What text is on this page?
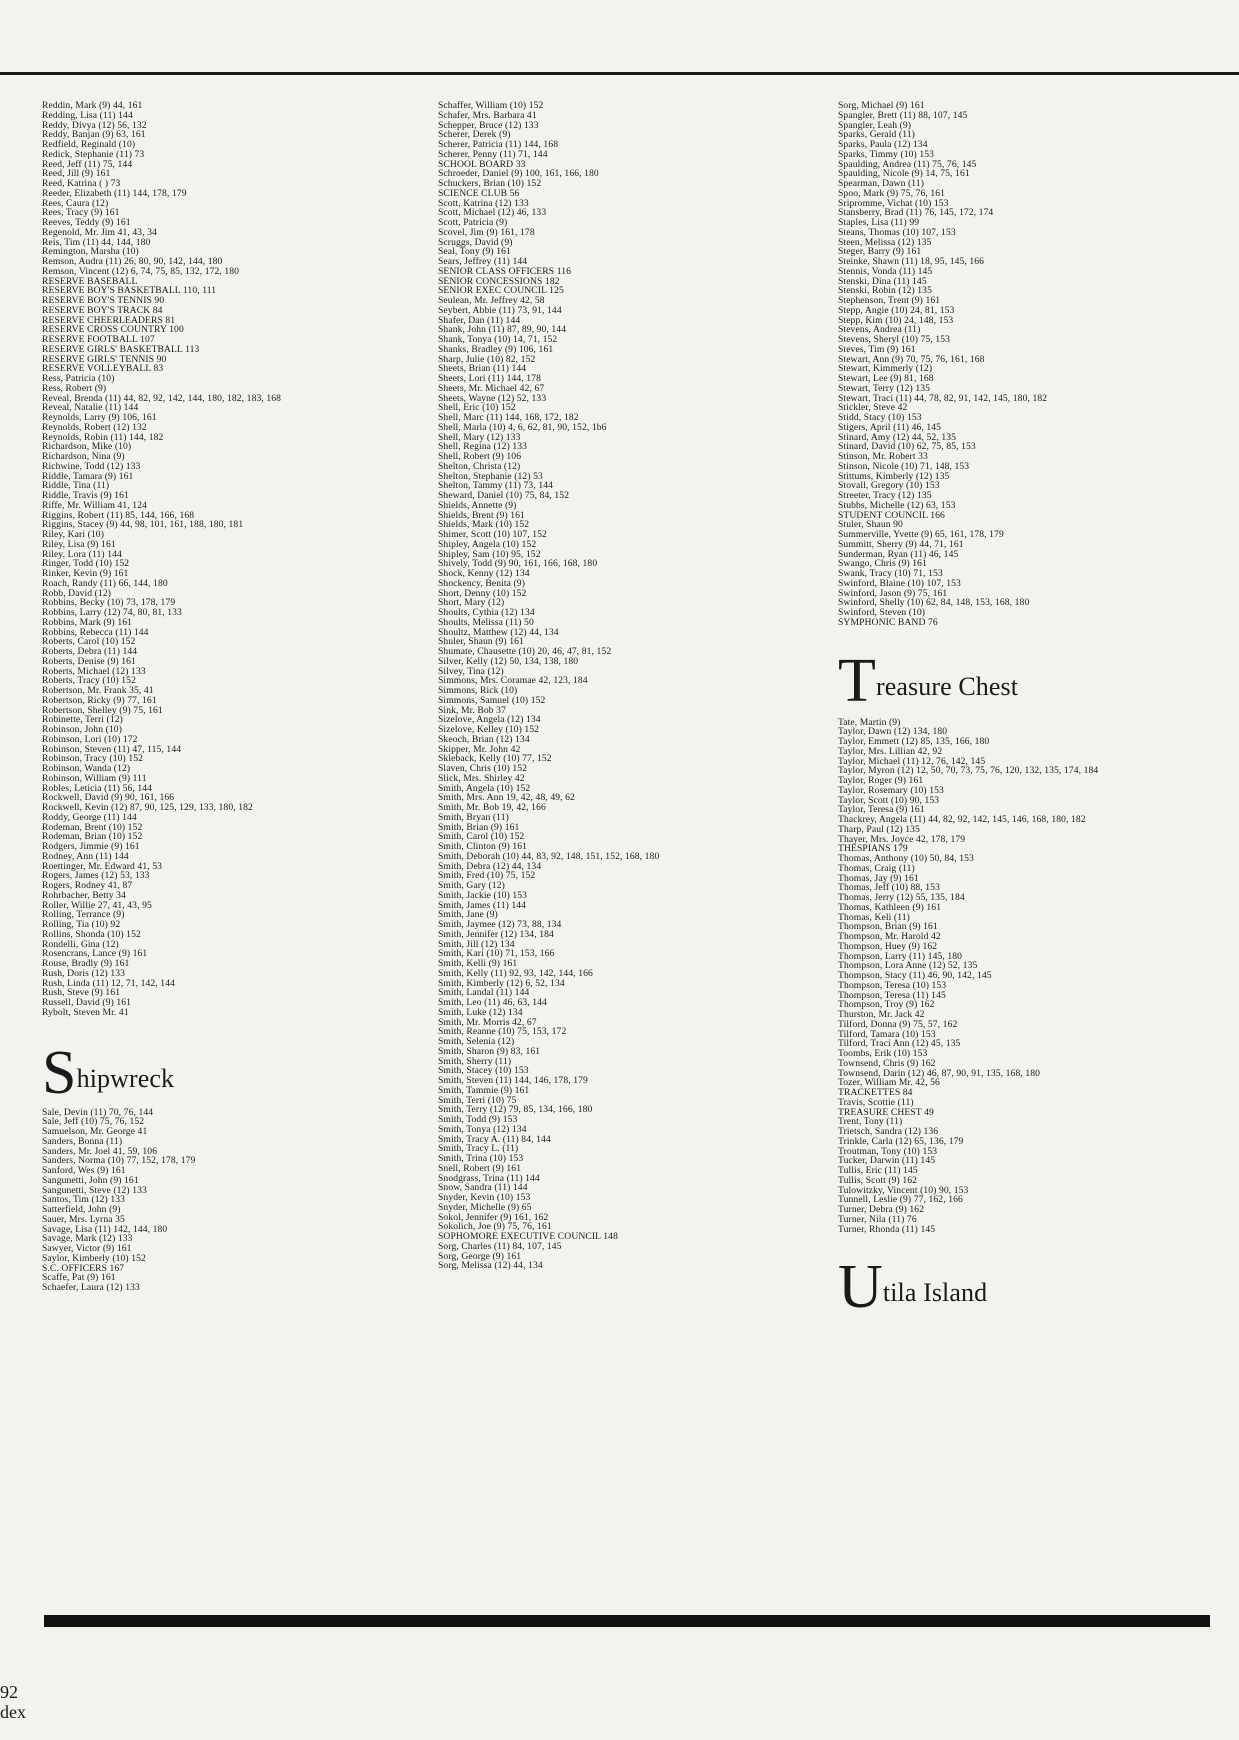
Reddin, Mark (9) 44, 161
Redding, Lisa (11) 144
Reddy, Divya (12) 56, 132
Reddy, Banjan (9) 63, 161
Redfield, Reginald (10)
Redick, Stephanie (11) 73
Reed, Jeff (11) 75, 144
Reed, Jill (9) 161
Reed, Katrina ( ) 73
Reeder, Elizabeth (11) 144, 178, 179
Rees, Caura (12)
Rees, Tracy (9) 161
Reeves, Teddy (9) 161
Regenold, Mr. Jim 41, 43, 34
Reis, Tim (11) 44, 144, 180
Remington, Marsha (10)
Remson, Audra (11) 26, 80, 90, 142, 144, 180
Remson, Vincent (12) 6, 74, 75, 85, 132, 172, 180
RESERVE BASEBALL
RESERVE BOY'S BASKETBALL 110, 111
RESERVE BOY'S TENNIS 90
RESERVE BOY'S TRACK 84
RESERVE CHEERLEADERS 81
RESERVE CROSS COUNTRY 100
RESERVE FOOTBALL 107
RESERVE GIRLS' BASKETBALL 113
RESERVE GIRLS' TENNIS 90
RESERVE VOLLEYBALL 83
Ress, Patricia (10)
Ress, Robert (9)
Reveal, Brenda (11) 44, 82, 92, 142, 144, 180, 182, 183, 168
Reveal, Natalie (11) 144
Reynolds, Larry (9) 106, 161
Reynolds, Robert (12) 132
Reynolds, Robin (11) 144, 182
Richardson, Mike (10)
Richardson, Nina (9)
Richwine, Todd (12) 133
Riddle, Tamara (9) 161
Riddle, Tina (11)
Riddle, Travis (9) 161
Riffe, Mr. William 41, 124
Riggins, Robert (11) 85, 144, 166, 168
Riggins, Stacey (9) 44, 98, 101, 161, 188, 180, 181
Riley, Kari (10)
Riley, Lisa (9) 161
Riley, Lora (11) 144
Ringer, Todd (10) 152
Rinker, Kevin (9) 161
Roach, Randy (11) 66, 144, 180
Robb, David (12)
Robbins, Becky (10) 73, 178, 179
Robbins, Larry (12) 74, 80, 81, 133
Robbins, Mark (9) 161
Robbins, Rebecca (11) 144
Roberts, Carol (10) 152
Roberts, Debra (11) 144
Roberts, Denise (9) 161
Roberts, Michael (12) 133
Roberts, Tracy (10) 152
Robertson, Mr. Frank 35, 41
Robertson, Ricky (9) 77, 161
Robertson, Shelley (9) 75, 161
Robinette, Terri (12)
Robinson, John (10)
Robinson, Lori (10) 172
Robinson, Steven (11) 47, 115, 144
Robinson, Tracy (10) 152
Robinson, Wanda (12)
Robinson, William (9) 111
Robles, Leticia (11) 56, 144
Rockwell, David (9) 90, 161, 166
Rockwell, Kevin (12) 87, 90, 125, 129, 133, 180, 182
Roddy, George (11) 144
Rodeman, Brent (10) 152
Rodeman, Brian (10) 152
Rodgers, Jimmie (9) 161
Rodney, Ann (11) 144
Roettinger, Mr. Edward 41, 53
Rogers, James (12) 53, 133
Rogers, Rodney 41, 87
Rohrbacher, Betty 34
Roller, Willie 27, 41, 43, 95
Rolling, Terrance (9)
Rolling, Tia (10) 92
Rollins, Shonda (10) 152
Rondelli, Gina (12)
Rosencrans, Lance (9) 161
Rouse, Bradly (9) 161
Rush, Doris (12) 133
Rush, Linda (11) 12, 71, 142, 144
Rush, Steve (9) 161
Russell, David (9) 161
Rybolt, Steven Mr. 41
Shipwreck
Sale, Devin (11) 70, 76, 144
Sale, Jeff (10) 75, 76, 152
Samuelson, Mr. George 41
Sanders, Bonna (11)
Sanders, Mr. Joel 41, 59, 106
Sanders, Norma (10) 77, 152, 178, 179
Sanford, Wes (9) 161
Sangunetti, John (9) 161
Sangunetti, Steve (12) 133
Santos, Tim (12) 133
Satterfield, John (9)
Sauer, Mrs. Lyrna 35
Savage, Lisa (11) 142, 144, 180
Savage, Mark (12) 133
Sawyer, Victor (9) 161
Saylor, Kimberly (10) 152
S.C. OFFICERS 167
Scaffe, Pat (9) 161
Schaefer, Laura (12) 133
Schaffer, William (10) 152
Schafer, Mrs. Barbara 41
Schepper, Bruce (12) 133
Scherer, Derek (9)
Scherer, Patricia (11) 144, 168
Scherer, Penny (11) 71, 144
SCHOOL BOARD 33
Schroeder, Daniel (9) 100, 161, 166, 180
Schuckers, Brian (10) 152
SCIENCE CLUB 56
Scott, Katrina (12) 133
Scott, Michael (12) 46, 133
Scott, Patricia (9)
Scovel, Jim (9) 161, 178
Scruggs, David (9)
Seal, Tony (9) 161
Sears, Jeffrey (11) 144
SENIOR CLASS OFFICERS 116
SENIOR CONCESSIONS 182
SENIOR EXEC COUNCIL 125
Seulean, Mr. Jeffrey 42, 58
Seybert, Abbie (11) 73, 91, 144
Shafer, Dan (11) 144
Shank, John (11) 87, 89, 90, 144
Shank, Tonya (10) 14, 71, 152
Shanks, Bradley (9) 106, 161
Sharp, Julie (10) 82, 152
Sheets, Brian (11) 144
Sheets, Lori (11) 144, 178
Sheets, Mr. Michael 42, 67
Sheets, Wayne (12) 52, 133
Shell, Eric (10) 152
Shell, Marc (11) 144, 168, 172, 182
Shell, Marla (10) 4, 6, 62, 81, 90, 152, 1b6
Shell, Mary (12) 133
Shell, Regina (12) 133
Shell, Robert (9) 106
Shelton, Christa (12)
Shelton, Stephanie (12) 53
Shelton, Tammy (11) 73, 144
Sheward, Daniel (10) 75, 84, 152
Shields, Annette (9)
Shields, Brent (9) 161
Shields, Mark (10) 152
Shimer, Scott (10) 107, 152
Shipley, Angela (10) 152
Shipley, Sam (10) 95, 152
Shively, Todd (9) 90, 161, 166, 168, 180
Shock, Kenny (12) 134
Shockency, Benita (9)
Short, Denny (10) 152
Short, Mary (12)
Shoults, Cythia (12) 134
Shoults, Melissa (11) 50
Shoultz, Matthew (12) 44, 134
Shuler, Shaun (9) 161
Shumate, Chausette (10) 20, 46, 47, 81, 152
Silver, Kelly (12) 50, 134, 138, 180
Silvey, Tina (12)
Simmons, Mrs. Coramae 42, 123, 184
Simmons, Rick (10)
Simmons, Samuel (10) 152
Sink, Mr. Bob 37
Sizelove, Angela (12) 134
Sizelove, Kelley (10) 152
Skeoch, Brian (12) 134
Skipper, Mr. John 42
Skleback, Kelly (10) 77, 152
Slaven, Chris (10) 152
Slick, Mrs. Shirley 42
Smith, Angela (10) 152
Smith, Mrs. Ann 19, 42, 48, 49, 62
Smith, Mr. Bob 19, 42, 166
Smith, Bryan (11)
Smith, Brian (9) 161
Smith, Carol (10) 152
Smith, Clinton (9) 161
Smith, Deborah (10) 44, 83, 92, 148, 151, 152, 168, 180
Smith, Debra (12) 44, 134
Smith, Fred (10) 75, 152
Smith, Gary (12)
Smith, Jackie (10) 153
Smith, James (11) 144
Smith, Jane (9)
Smith, Jaymee (12) 73, 88, 134
Smith, Jennifer (12) 134, 184
Smith, Jill (12) 134
Smith, Kari (10) 71, 153, 166
Smith, Kelli (9) 161
Smith, Kelly (11) 92, 93, 142, 144, 166
Smith, Kimberly (12) 6, 52, 134
Smith, Landal (11) 144
Smith, Leo (11) 46, 63, 144
Smith, Luke (12) 134
Smith, Mr. Morris 42, 67
Smith, Reanne (10) 75, 153, 172
Smith, Selenia (12)
Smith, Sharon (9) 83, 161
Smith, Sherry (11)
Smith, Stacey (10) 153
Smith, Steven (11) 144, 146, 178, 179
Smith, Tammie (9) 161
Smith, Terri (10) 75
Smith, Terry (12) 79, 85, 134, 166, 180
Smith, Todd (9) 153
Smith, Tonya (12) 134
Smith, Tracy A. (11) 84, 144
Smith, Tracy L. (11)
Smith, Trina (10) 153
Snell, Robert (9) 161
Snodgrass, Trina (11) 144
Snow, Sandra (11) 144
Snyder, Kevin (10) 153
Snyder, Michelle (9) 65
Sokol, Jennifer (9) 161, 162
Sokolich, Joe (9) 75, 76, 161
SOPHOMORE EXECUTIVE COUNCIL 148
Sorg, Charles (11) 84, 107, 145
Sorg, George (9) 161
Sorg, Melissa (12) 44, 134
Sorg, Michael (9) 161
Spangler, Brett (11) 88, 107, 145
Spangler, Leah (9)
Sparks, Gerald (11)
Sparks, Paula (12) 134
Sparks, Timmy (10) 153
Spaulding, Andrea (11) 75, 76, 145
Spaulding, Nicole (9) 14, 75, 161
Spearman, Dawn (11)
Spoo, Mark (9) 75, 76, 161
Sripromme, Vichat (10) 153
Stansberry, Brad (11) 76, 145, 172, 174
Staples, Lisa (11) 99
Steans, Thomas (10) 107, 153
Steen, Melissa (12) 135
Steger, Barry (9) 161
Steinke, Shawn (11) 18, 95, 145, 166
Stennis, Vonda (11) 145
Stenski, Dina (11) 145
Stenski, Robin (12) 135
Stephenson, Trent (9) 161
Stepp, Angie (10) 24, 81, 153
Stepp, Kim (10) 24, 148, 153
Stevens, Andrea (11)
Stevens, Sheryl (10) 75, 153
Steves, Tim (9) 161
Stewart, Ann (9) 70, 75, 76, 161, 168
Stewart, Kimmerly (12)
Stewart, Lee (9) 81, 168
Stewart, Terry (12) 135
Stewart, Traci (11) 44, 78, 82, 91, 142, 145, 180, 182
Stickler, Steve 42
Stidd, Stacy (10) 153
Stigers, April (11) 46, 145
Stinard, Amy (12) 44, 52, 135
Stinard, David (10) 62, 75, 85, 153
Stinson, Mr. Robert 33
Stinson, Nicole (10) 71, 148, 153
Stittums, Kimberly (12) 135
Stovall, Gregory (10) 153
Streeter, Tracy (12) 135
Stubbs, Michelle (12) 63, 153
STUDENT COUNCIL 166
Stuler, Shaun 90
Summerville, Yvette (9) 65, 161, 178, 179
Summitt, Sherry (9) 44, 71, 161
Sunderman, Ryan (11) 46, 145
Swango, Chris (9) 161
Swank, Tracy (10) 71, 153
Swinford, Blaine (10) 107, 153
Swinford, Jason (9) 75, 161
Swinford, Shelly (10) 62, 84, 148, 153, 168, 180
Swinford, Steven (10)
SYMPHONIC BAND 76
Treasure Chest
Tate, Martin (9)
Taylor, Dawn (12) 134, 180
Taylor, Emmett (12) 85, 135, 166, 180
Taylor, Mrs. Lillian 42, 92
Taylor, Michael (11) 12, 76, 142, 145
Taylor, Myron (12) 12, 50, 70, 73, 75, 76, 120, 132, 135, 174, 184
Taylor, Roger (9) 161
Taylor, Rosemary (10) 153
Taylor, Scott (10) 90, 153
Taylor, Teresa (9) 161
Thackrey, Angela (11) 44, 82, 92, 142, 145, 146, 168, 180, 182
Tharp, Paul (12) 135
Thayer, Mrs. Joyce 42, 178, 179
THESPIANS 179
Thomas, Anthony (10) 50, 84, 153
Thomas, Craig (11)
Thomas, Jay (9) 161
Thomas, Jeff (10) 88, 153
Thomas, Jerry (12) 55, 135, 184
Thomas, Kathleen (9) 161
Thomas, Keli (11)
Thompson, Brian (9) 161
Thompson, Mr. Harold 42
Thompson, Huey (9) 162
Thompson, Larry (11) 145, 180
Thompson, Lora Anne (12) 52, 135
Thompson, Stacy (11) 46, 90, 142, 145
Thompson, Teresa (10) 153
Thompson, Teresa (11) 145
Thompson, Troy (9) 162
Thurston, Mr. Jack 42
Tilford, Donna (9) 75, 57, 162
Tilford, Tamara (10) 153
Tilford, Traci Ann (12) 45, 135
Toombs, Erik (10) 153
Townsend, Chris (9) 162
Townsend, Darin (12) 46, 87, 90, 91, 135, 168, 180
Tozer, William Mr. 42, 56
TRACKETTES 84
Travis, Scottie (11)
TREASURE CHEST 49
Trent, Tony (11)
Trietsch, Sandra (12) 136
Trinkle, Carla (12) 65, 136, 179
Troutman, Tony (10) 153
Tucker, Darwin (11) 145
Tullis, Eric (11) 145
Tullis, Scott (9) 162
Tulowitzky, Vincent (10) 90, 153
Tunnell, Leslie (9) 77, 162, 166
Turner, Debra (9) 162
Turner, Nila (11) 76
Turner, Rhonda (11) 145
Utila Island
92
dex
